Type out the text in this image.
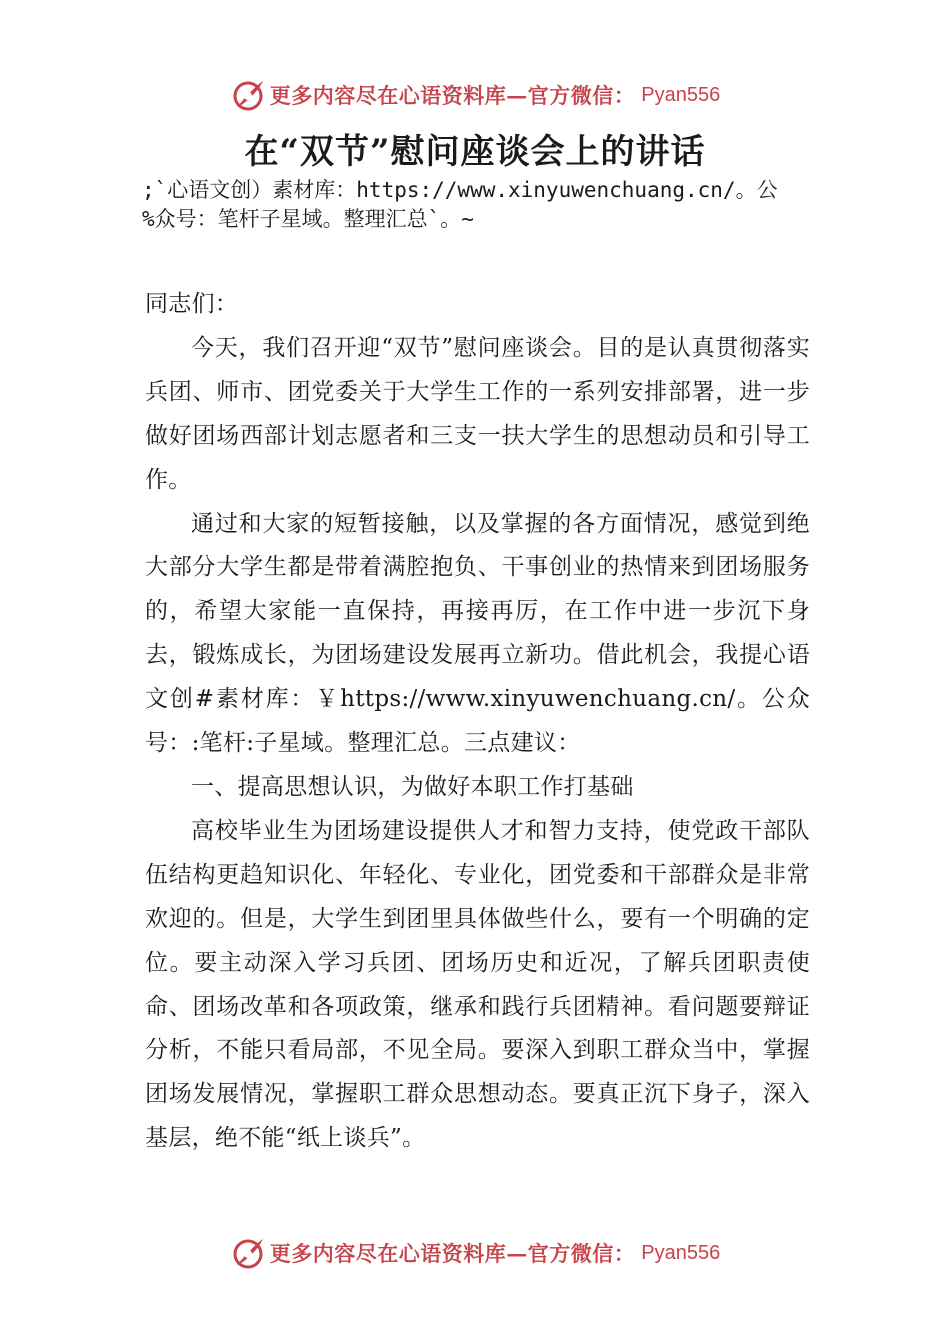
更多内容尽在心语资料库—官方微信： Pyan556
在“双节”慰问座谈会上的讲话
;`心语文创）素材库：https://www.xinyuwenchuang.cn/。公
%众号：笔杆子星域。整理汇总`。~

同志们：

今天，我们召开迎“双节”慰问座谈会。目的是认真贯彻落实兵团、师市、团党委关于大学生工作的一系列安排部署，进一步做好团场西部计划志愿者和三支一扶大学生的思想动员和引导工作。

通过和大家的短暂接触，以及掌握的各方面情况，感觉到绝大部分大学生都是带着满腔抱负、干事创业的热情来到团场服务的，希望大家能一直保持，再接再厉，在工作中进一步沉下身去，锻炼成长，为团场建设发展再立新功。借此机会，我提心语文创#素材库：￥https://www.xinyuwenchuang.cn/。公众号：:笔杆:子星域。整理汇总。三点建议：

一、提高思想认识，为做好本职工作打基础

高校毕业生为团场建设提供人才和智力支持，使党政干部队伍结构更趋知识化、年轻化、专业化，团党委和干部群众是非常欢迎的。但是，大学生到团里具体做些什么，要有一个明确的定位。要主动深入学习兵团、团场历史和近况，了解兵团职责使命、团场改革和各项政策，继承和践行兵团精神。看问题要辩证分析，不能只看局部，不见全局。要深入到职工群众当中，掌握团场发展情况，掌握职工群众思想动态。要真正沉下身子，深入基层，绝不能“纸上谈兵”。

更多内容尽在心语资料库—官方微信： Pyan556
